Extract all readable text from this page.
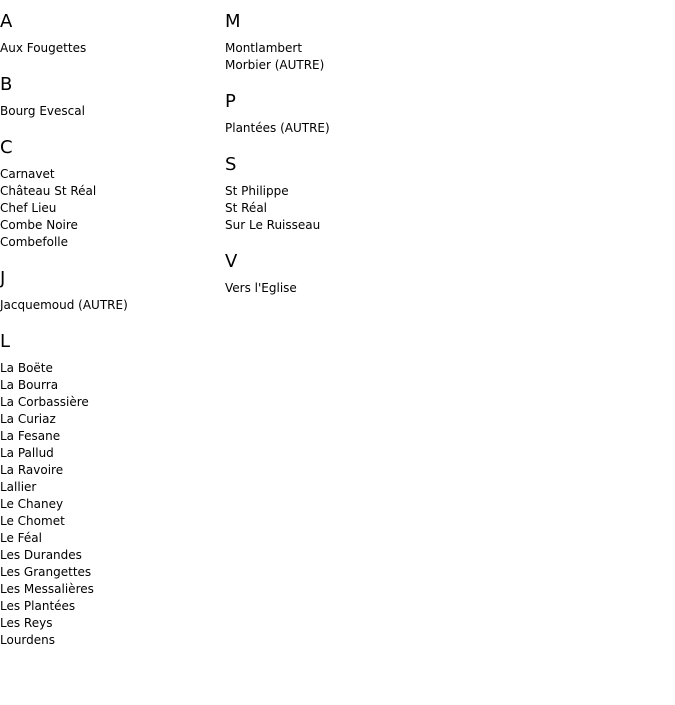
A
Aux Fougettes
B
Bourg Evescal
C
Carnavet
Château St Réal
Chef Lieu
Combe Noire
Combefolle
J
Jacquemoud (AUTRE)
L
La Boëte
La Bourra
La Corbassière
La Curiaz
La Fesane
La Pallud
La Ravoire
Lallier
Le Chaney
Le Chomet
Le Féal
Les Durandes
Les Grangettes
Les Messalières
Les Plantées
Les Reys
Lourdens
M
Montlambert
Morbier (AUTRE)
P
Plantées (AUTRE)
S
St Philippe
St Réal
Sur Le Ruisseau
V
Vers l'Eglise
